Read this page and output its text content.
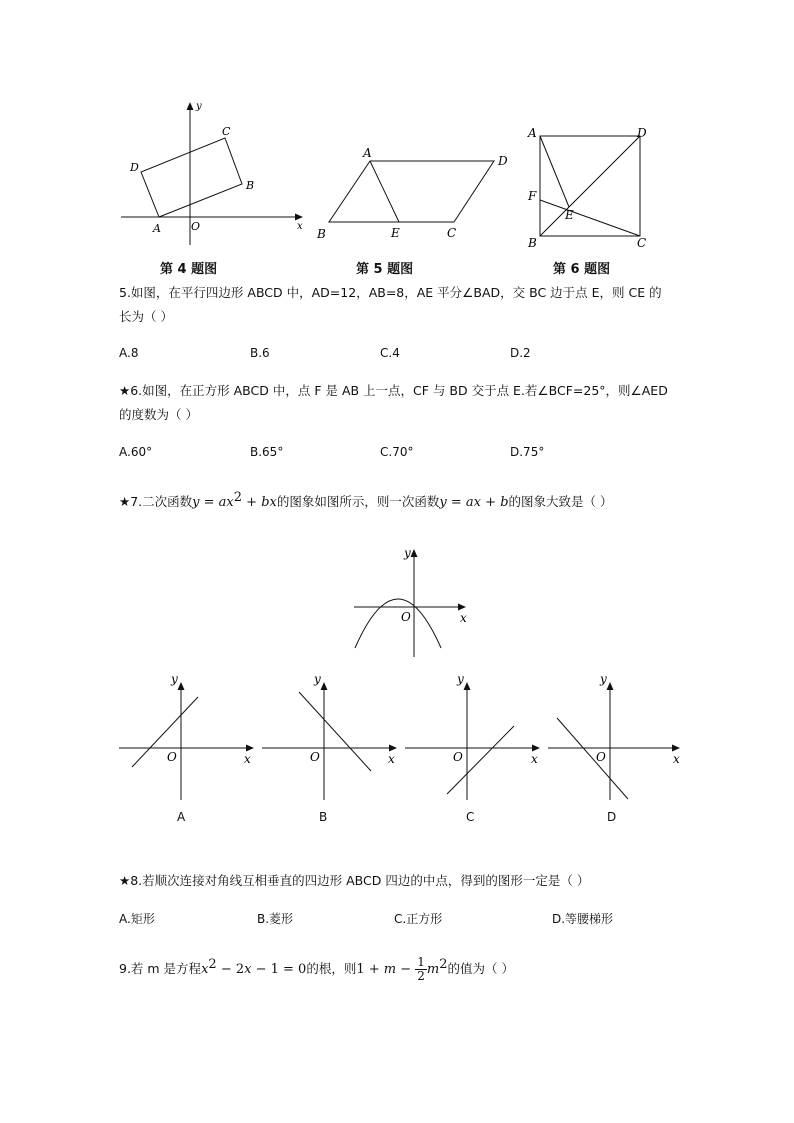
y
x
O
A
B
C
D
第 4 题图
A
D
B	E	C
第 5 题图
A	D
F
E
B	C
第 6 题图
5.如图，在平行四边形 ABCD 中，AD=12，AB=8，AE 平分∠BAD，交 BC 边于点 E，则 CE 的
长为（ ）
A.8	B.6	C.4	D.2
★6.如图，在正方形 ABCD 中，点 F 是 AB 上一点，CF 与 BD 交于点 E.若∠BCF=25°，则∠AED
的度数为（ ）
A.60°	B.65°	C.70°	D.75°
★7.二次函数$y = ax^2$ + bx的图象如图所示，则一次函数y = ax + b的图象大致是（ ）
y
x
O
y
x
O
y
x
O
y
x
O
y
x
O
A	B	C	D
★8.若顺次连接对角线互相垂直的四边形 ABCD 四边的中点，得到的图形一定是（ ）
A.矩形	B.菱形	C.正方形	D.等腰梯形
9.若 m 是方程$x^2 - 2x - 1 = 0$的根，则$1 + m - \frac{1}{2} m^2$的值为（ ）
